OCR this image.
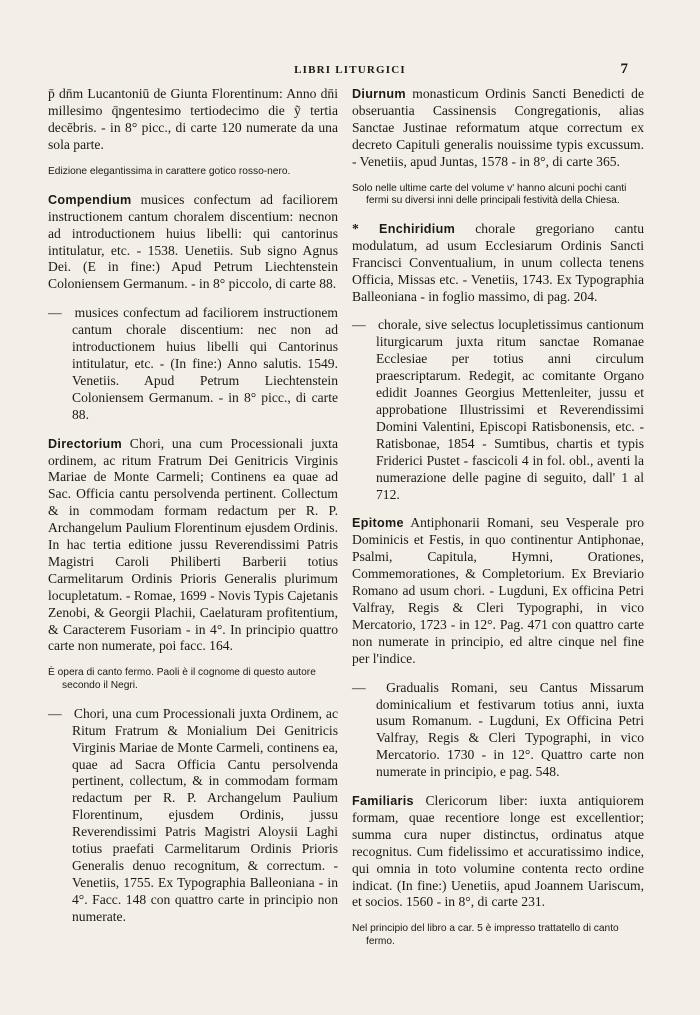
LIBRI LITURGICI	7

p̄ dn̄m Lucantoniū de Giunta Florentinum: Anno dn̄i millesimo q̄ngentesimo tertiodecimo die ỹ tertia decēbris. - in 8° picc., di carte 120 numerate da una sola parte.

Edizione elegantissima in carattere gotico rosso-nero.

Compendium musices confectum ad faciliorem instructionem cantum choralem discentium: necnon ad introductionem huius libelli: qui cantorinus intitulatur, etc. - 1538. Uenetiis. Sub signo Agnus Dei. (E in fine:) Apud Petrum Liechtenstein Coloniensem Germanum. - in 8° piccolo, di carte 88.

— musices confectum ad faciliorem instructionem cantum chorale discentium: nec non ad introductionem huius libelli qui Cantorinus intitulatur, etc. - (In fine:) Anno salutis. 1549. Venetiis. Apud Petrum Liechtenstein Coloniensem Germanum. - in 8° picc., di carte 88.

Directorium Chori, una cum Processionali juxta ordinem, ac ritum Fratrum Dei Genitricis Virginis Mariae de Monte Carmeli; Continens ea quae ad Sac. Officia cantu persolvenda pertinent. Collectum & in commodam formam redactum per R. P. Archangelum Paulium Florentinum ejusdem Ordinis. In hac tertia editione jussu Reverendissimi Patris Magistri Caroli Philiberti Barberii totius Carmelitarum Ordinis Prioris Generalis plurimum locupletatum. - Romae, 1699 - Novis Typis Cajetanis Zenobi, & Georgii Plachii, Caelaturam profitentium, & Caracterem Fusoriam - in 4°. In principio quattro carte non numerate, poi facc. 164.

È opera di canto fermo. Paoli è il cognome di questo autore secondo il Negri.

— Chori, una cum Processionali juxta Ordinem, ac Ritum Fratrum & Monialium Dei Genitricis Virginis Mariae de Monte Carmeli, continens ea, quae ad Sacra Officia Cantu persolvenda pertinent, collectum, & in commodam formam redactum per R. P. Archangelum Paulium Florentinum, ejusdem Ordinis, jussu Reverendissimi Patris Magistri Aloysii Laghi totius praefati Carmelitarum Ordinis Prioris Generalis denuo recognitum, & correctum. - Venetiis, 1755. Ex Typographia Balleoniana - in 4°. Facc. 148 con quattro carte in principio non numerate.

Diurnum monasticum Ordinis Sancti Benedicti de obseruantia Cassinensis Congregationis, alias Sanctae Justinae reformatum atque correctum ex decreto Capituli generalis nouissime typis excussum. - Venetiis, apud Juntas, 1578 - in 8°, di carte 365.

Solo nelle ultime carte del volume v' hanno alcuni pochi canti fermi su diversi inni delle principali festività della Chiesa.

* Enchiridium chorale gregoriano cantu modulatum, ad usum Ecclesiarum Ordinis Sancti Francisci Conventualium, in unum collecta tenens Officia, Missas etc. - Venetiis, 1743. Ex Typographia Balleoniana - in foglio massimo, di pag. 204.

— chorale, sive selectus locupletissimus cantionum liturgicarum juxta ritum sanctae Romanae Ecclesiae per totius anni circulum praescriptarum. Redegit, ac comitante Organo edidit Joannes Georgius Mettenleiter, jussu et approbatione Illustrissimi et Reverendissimi Domini Valentini, Episcopi Ratisbonensis, etc. - Ratisbonae, 1854 - Sumtibus, chartis et typis Friderici Pustet - fascicoli 4 in fol. obl., aventi la numerazione delle pagine di seguito, dall' 1 al 712.

Epitome Antiphonarii Romani, seu Vesperale pro Dominicis et Festis, in quo continentur Antiphonae, Psalmi, Capitula, Hymni, Orationes, Commemorationes, & Completorium. Ex Breviario Romano ad usum chori. - Lugduni, Ex officina Petri Valfray, Regis & Cleri Typographi, in vico Mercatorio, 1723 - in 12°. Pag. 471 con quattro carte non numerate in principio, ed altre cinque nel fine per l'indice.

— Gradualis Romani, seu Cantus Missarum dominicalium et festivarum totius anni, iuxta usum Romanum. - Lugduni, Ex Officina Petri Valfray, Regis & Cleri Typographi, in vico Mercatorio. 1730 - in 12°. Quattro carte non numerate in principio, e pag. 548.

Familiaris Clericorum liber: iuxta antiquiorem formam, quae recentiore longe est excellentior; summa cura nuper distinctus, ordinatus atque recognitus. Cum fidelissimo et accuratissimo indice, qui omnia in toto volumine contenta recto ordine indicat. (In fine:) Uenetiis, apud Joannem Uariscum, et socios. 1560 - in 8°, di carte 231.

Nel principio del libro a car. 5 è impresso trattatello di canto fermo.
